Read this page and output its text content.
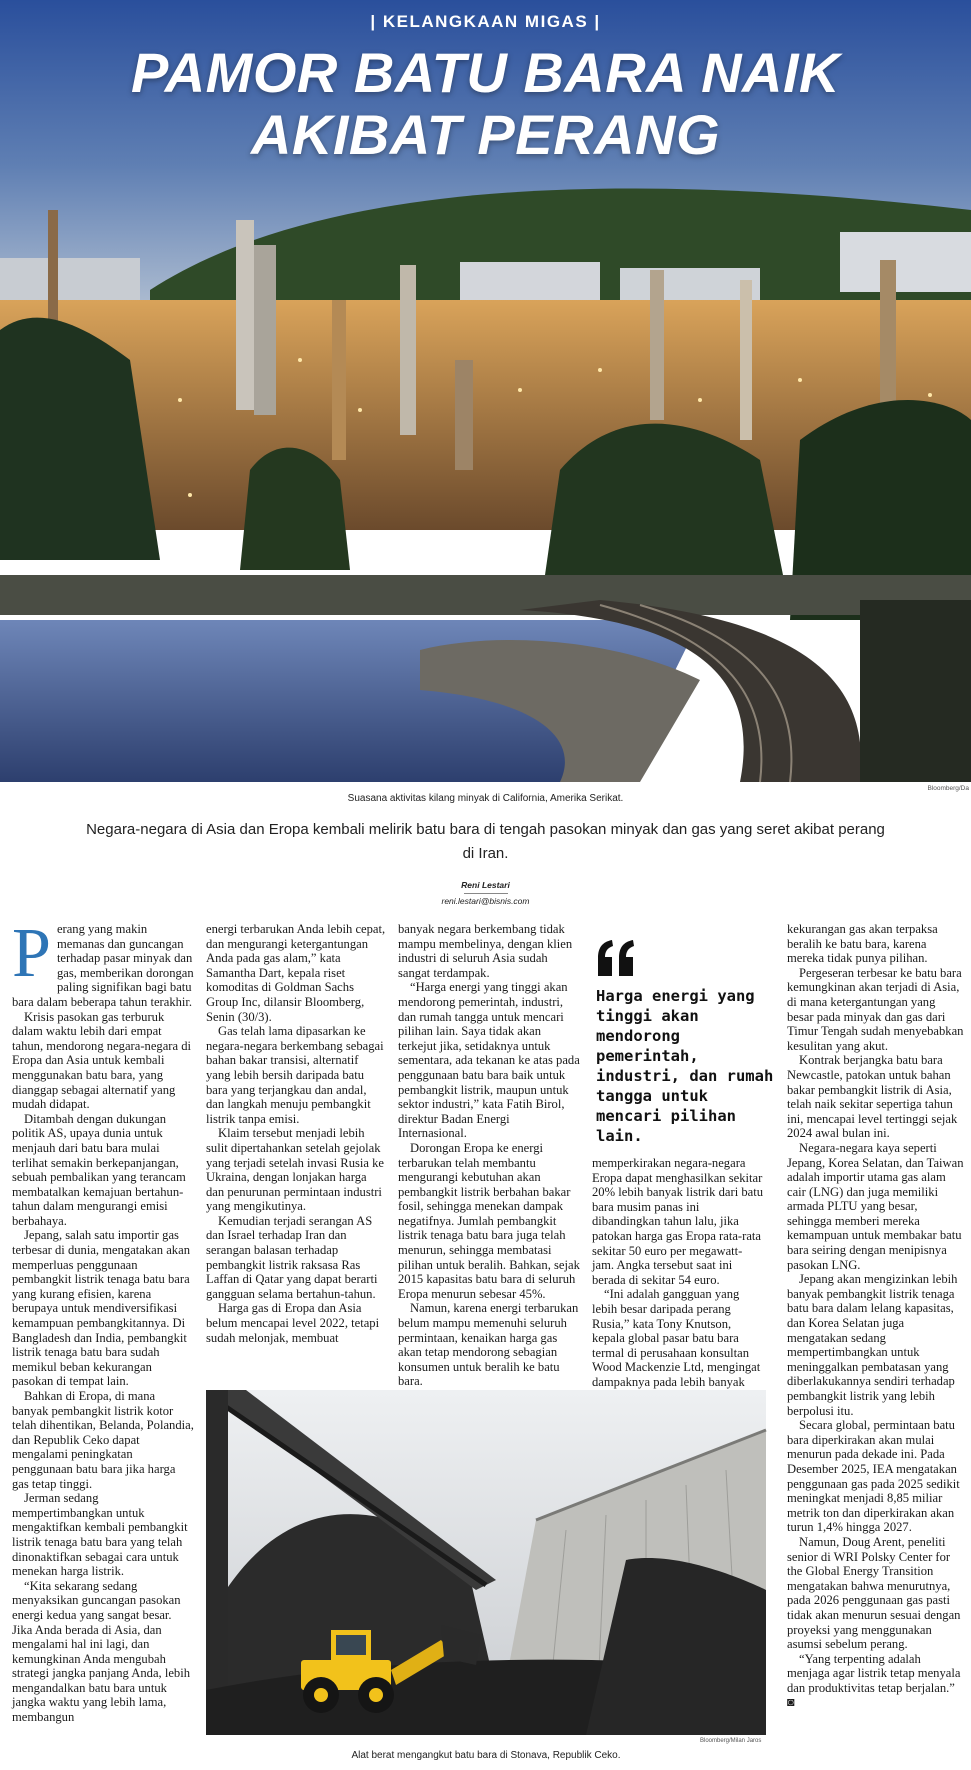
| KELANGKAAN MIGAS |
PAMOR BATU BARA NAIK
AKIBAT PERANG
Bloomberg/Da
Suasana aktivitas kilang minyak di California, Amerika Serikat.
Negara-negara di Asia dan Eropa kembali melirik batu bara di tengah pasokan minyak dan gas yang seret akibat perang di Iran.
Reni Lestari
reni.lestari@bisnis.com
P erang yang makin memanas dan guncangan terhadap pasar minyak dan gas, memberikan dorongan paling signifikan bagi batu bara dalam beberapa tahun terakhir.

Krisis pasokan gas terburuk dalam waktu lebih dari empat tahun, mendorong negara-negara di Eropa dan Asia untuk kembali menggunakan batu bara, yang dianggap sebagai alternatif yang mudah didapat.

Ditambah dengan dukungan politik AS, upaya dunia untuk menjauh dari batu bara mulai terlihat semakin berkepanjangan, sebuah pembalikan yang terancam membatalkan kemajuan bertahun-tahun dalam mengurangi emisi berbahaya.

Jepang, salah satu importir gas terbesar di dunia, mengatakan akan memperluas penggunaan pembangkit listrik tenaga batu bara yang kurang efisien, karena berupaya untuk mendiversifikasi kemampuan pembangkitannya. Di Bangladesh dan India, pembangkit listrik tenaga batu bara sudah memikul beban kekurangan pasokan di tempat lain.

Bahkan di Eropa, di mana banyak pembangkit listrik kotor telah dihentikan, Belanda, Polandia, dan Republik Ceko dapat mengalami peningkatan penggunaan batu bara jika harga gas tetap tinggi.

Jerman sedang mempertimbangkan untuk mengaktifkan kembali pembangkit listrik tenaga batu bara yang telah dinonaktifkan sebagai cara untuk menekan harga listrik.

“Kita sekarang sedang menyaksikan guncangan pasokan energi kedua yang sangat besar. Jika Anda berada di Asia, dan mengalami hal ini lagi, dan kemungkinan Anda mengubah strategi jangka panjang Anda, lebih mengandalkan batu bara untuk jangka waktu yang lebih lama, membangun

energi terbarukan Anda lebih cepat, dan mengurangi ketergantungan Anda pada gas alam,” kata Samantha Dart, kepala riset komoditas di Goldman Sachs Group Inc, dilansir Bloomberg, Senin (30/3).

Gas telah lama dipasarkan ke negara-negara berkembang sebagai bahan bakar transisi, alternatif yang lebih bersih daripada batu bara yang terjangkau dan andal, dan langkah menuju pembangkit listrik tanpa emisi.

Klaim tersebut menjadi lebih sulit dipertahankan setelah gejolak yang terjadi setelah invasi Rusia ke Ukraina, dengan lonjakan harga dan penurunan permintaan industri yang mengikutinya.

Kemudian terjadi serangan AS dan Israel terhadap Iran dan serangan balasan terhadap pembangkit listrik raksasa Ras Laffan di Qatar yang dapat berarti gangguan selama bertahun-tahun.

Harga gas di Eropa dan Asia belum mencapai level 2022, tetapi sudah melonjak, membuat

banyak negara berkembang tidak mampu membelinya, dengan klien industri di seluruh Asia sudah sangat terdampak.

“Harga energi yang tinggi akan mendorong pemerintah, industri, dan rumah tangga untuk mencari pilihan lain. Saya tidak akan terkejut jika, setidaknya untuk sementara, ada tekanan ke atas pada penggunaan batu bara baik untuk pembangkit listrik, maupun untuk sektor industri,” kata Fatih Birol, direktur Badan Energi Internasional.

Dorongan Eropa ke energi terbarukan telah membantu mengurangi kebutuhan akan pembangkit listrik berbahan bakar fosil, sehingga menekan dampak negatifnya. Jumlah pembangkit listrik tenaga batu bara juga telah menurun, sehingga membatasi pilihan untuk beralih. Bahkan, sejak 2015 kapasitas batu bara di seluruh Eropa menurun sebesar 45%.

Namun, karena energi terbarukan belum mampu memenuhi seluruh permintaan, kenaikan harga gas akan tetap mendorong sebagian konsumen untuk beralih ke batu bara.

Harga energi yang tinggi akan mendorong pemerintah, industri, dan rumah tangga untuk mencari pilihan lain.

memperkirakan negara-negara Eropa dapat menghasilkan sekitar 20% lebih banyak listrik dari batu bara musim panas ini dibandingkan tahun lalu, jika patokan harga gas Eropa rata-rata sekitar 50 euro per megawatt-jam. Angka tersebut saat ini berada di sekitar 54 euro.

“Ini adalah gangguan yang lebih besar daripada perang Rusia,” kata Tony Knutson, kepala global pasar batu bara termal di perusahaan konsultan Wood Mackenzie Ltd, mengingat dampaknya pada lebih banyak

kekurangan gas akan terpaksa beralih ke batu bara, karena mereka tidak punya pilihan.

Pergeseran terbesar ke batu bara kemungkinan akan terjadi di Asia, di mana ketergantungan yang besar pada minyak dan gas dari Timur Tengah sudah menyebabkan kesulitan yang akut.

Kontrak berjangka batu bara Newcastle, patokan untuk bahan bakar pembangkit listrik di Asia, telah naik sekitar sepertiga tahun ini, mencapai level tertinggi sejak 2024 awal bulan ini.

Negara-negara kaya seperti Jepang, Korea Selatan, dan Taiwan adalah importir utama gas alam cair (LNG) dan juga memiliki armada PLTU yang besar, sehingga memberi mereka kemampuan untuk membakar batu bara seiring dengan menipisnya pasokan LNG.

Jepang akan mengizinkan lebih banyak pembangkit listrik tenaga batu bara dalam lelang kapasitas, dan Korea Selatan juga mengatakan sedang mempertimbangkan untuk meninggalkan pembatasan yang diberlakukannya sendiri terhadap pembangkit listrik yang lebih berpolusi itu.

Secara global, permintaan batu bara diperkirakan akan mulai menurun pada dekade ini. Pada Desember 2025, IEA mengatakan penggunaan gas pada 2025 sedikit meningkat menjadi 8,85 miliar metrik ton dan diperkirakan akan turun 1,4% hingga 2027.

Namun, Doug Arent, peneliti senior di WRI Polsky Center for the Global Energy Transition mengatakan bahwa menurutnya, pada 2026 penggunaan gas pasti tidak akan menurun sesuai dengan proyeksi yang menggunakan asumsi sebelum perang.

“Yang terpenting adalah menjaga agar listrik tetap menyala dan produktivitas tetap berjalan.” ◙

Bloomberg/Milan Jaros
Alat berat mengangkut batu bara di Stonava, Republik Ceko.
